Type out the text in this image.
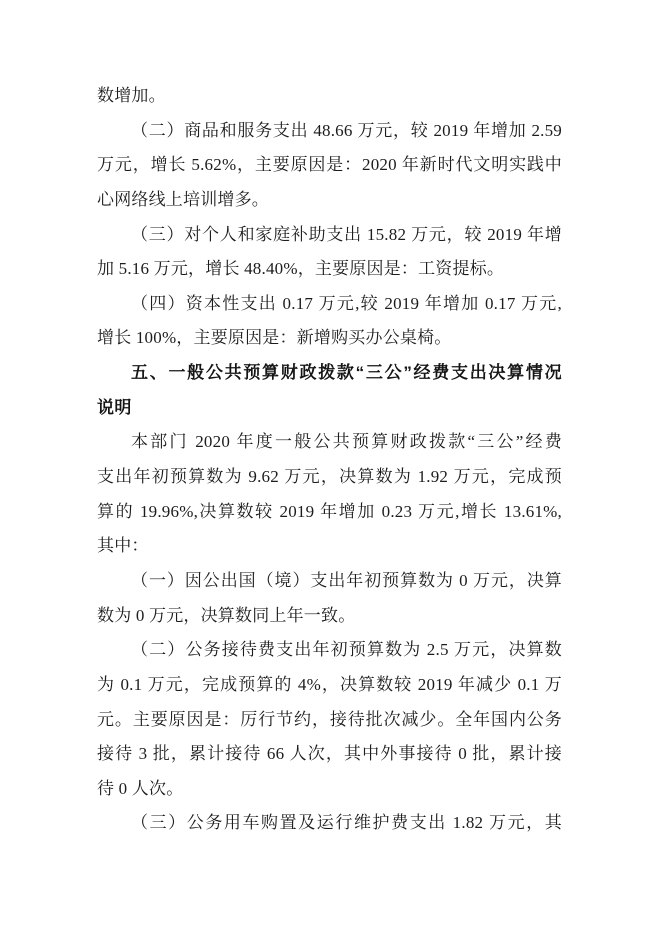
数增加。
（二）商品和服务支出 48.66 万元，较 2019 年增加 2.59
万元，增长 5.62%，主要原因是：2020 年新时代文明实践中
心网络线上培训增多。
（三）对个人和家庭补助支出 15.82 万元，较 2019 年增
加 5.16 万元，增长 48.40%，主要原因是：工资提标。
（四）资本性支出 0.17 万元,较 2019 年增加 0.17 万元,
增长 100%，主要原因是：新增购买办公桌椅。
五、一般公共预算财政拨款“三公”经费支出决算情况
说明
本部门 2020 年度一般公共预算财政拨款“三公”经费
支出年初预算数为 9.62 万元，决算数为 1.92 万元，完成预
算的 19.96%,决算数较 2019 年增加 0.23 万元,增长 13.61%,
其中：
（一）因公出国（境）支出年初预算数为 0 万元，决算
数为 0 万元，决算数同上年一致。
（二）公务接待费支出年初预算数为 2.5 万元，决算数
为 0.1 万元，完成预算的 4%，决算数较 2019 年减少 0.1 万
元。主要原因是：厉行节约，接待批次减少。全年国内公务
接待 3 批，累计接待 66 人次，其中外事接待 0 批，累计接
待 0 人次。
（三）公务用车购置及运行维护费支出 1.82 万元，其
